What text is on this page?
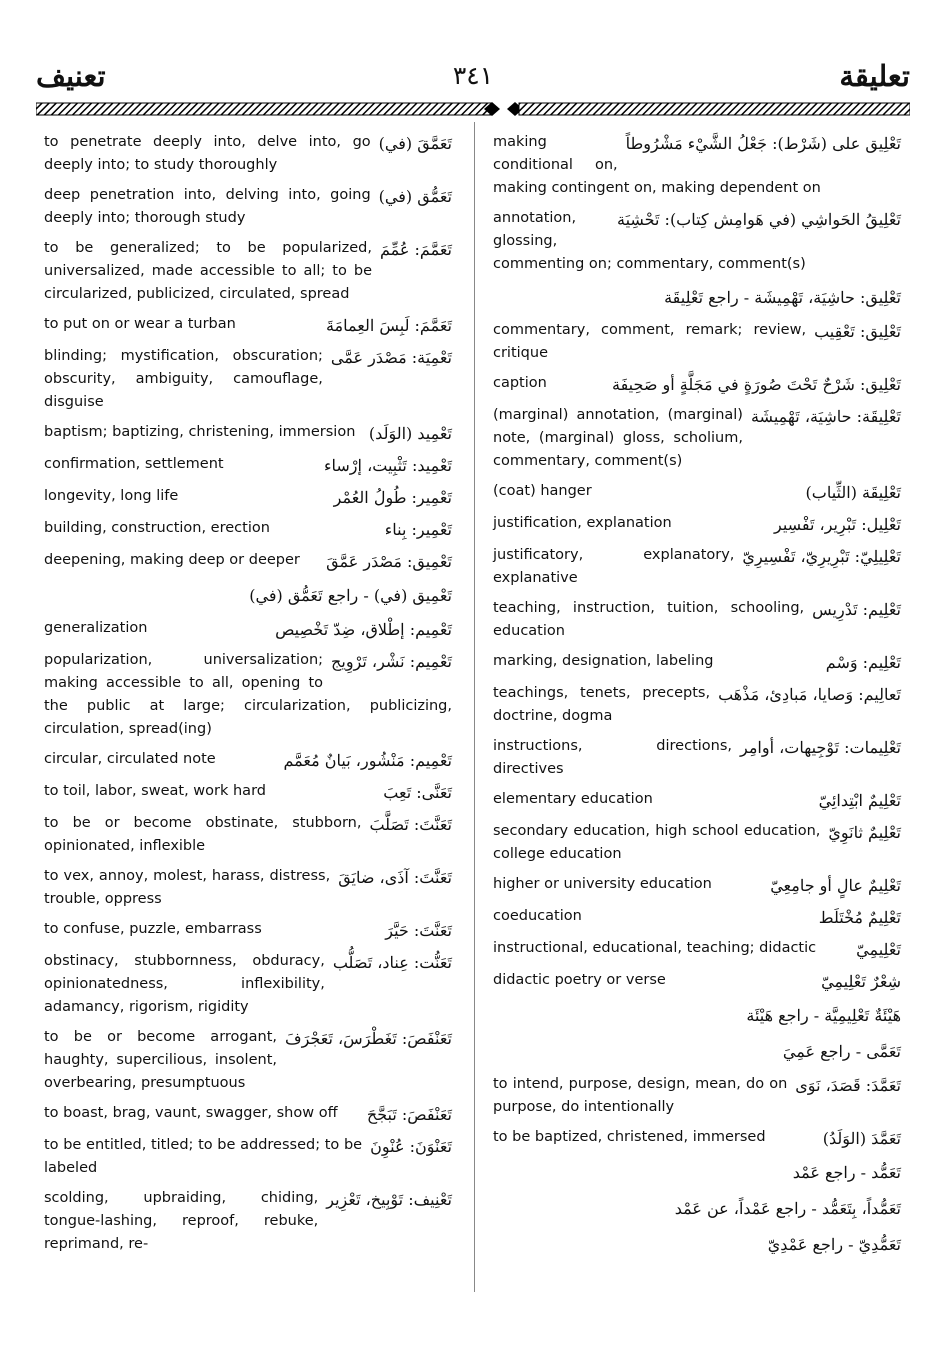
تعنيف	٣٤١	تعليقة
تَعَمَّقَ (في)
to penetrate deeply into, delve into, go deeply into; to study thoroughly
تَعَمُّق (في)
deep penetration into, delving into, going deeply into; thorough study
تَعَمَّمَ: عُمِّمَ
to be generalized; to be popularized, universalized, made accessible to all; to be circularized, publicized, circulated, spread
تَعَمَّمَ: لَبِسَ العِمامَةَ
to put on or wear a turban
تَعْمِيَة: مَصْدَر عَمَّى
blinding; mystification, obscuration; obscurity, ambiguity, camouflage, disguise
تَعْمِيد (الوَلَد)
baptism; baptizing, christening, immersion
تَعْمِيد: تَثْبِيت، إرْساء
confirmation, settlement
تَعْمِير: طُولُ العُمْر
longevity, long life
تَعْمِير: بِناء
building, construction, erection
تَعْمِيق: مَصْدَر عَمَّقَ
deepening, making deep or deeper
تَعْمِيق (في) - راجع تَعَمُّق (في)
تَعْمِيم: إطْلاق، ضِدّ تَخْصِيص
generalization
تَعْمِيم: نَشْر، تَرْوِيج
popularization, universalization; making accessible to all, opening to the public at large; circularization, publicizing, circulation, spread(ing)
تَعْمِيم: مَنْشُور، بَيانٌ مُعَمَّم
circular, circulated note
تَعَنَّى: تَعِبَ
to toil, labor, sweat, work hard
تَعَنَّتَ: تَصَلَّبَ
to be or become obstinate, stubborn, opinionated, inflexible
تَعَنَّتَ: آذَى، ضايَقَ
to vex, annoy, molest, harass, distress, trouble, oppress
تَعَنَّتَ: حَيَّرَ
to confuse, puzzle, embarrass
تَعَنُّت: عِناد، تَصَلُّب
obstinacy, stubbornness, obduracy, opinionatedness, inflexibility, adamancy, rigorism, rigidity
تَعَنْفَصَ: تَغَطْرَسَ، تَعَجْرَفَ
to be or become arrogant, haughty, supercilious, insolent, overbearing, presumptuous
تَعَنْفَصَ: تَبَجَّحَ
to boast, brag, vaunt, swagger, show off
تَعَنْوَنَ: عُنْوِنَ
to be entitled, titled; to be addressed; to be labeled
تَعْنِيف: تَوْبِيخ، تَعْزِير
scolding, upbraiding, chiding, tongue-lashing, reproof, rebuke, reprimand, re-
تَعْلِيق على (شَرْط): جَعْلُ الشَّيْء مَشْرُوطاً
making conditional on, making contingent on, making dependent on
تَعْلِيقُ الحَواشِي (في هَوامِش كِتاب): تَحْشِيَة
annotation, glossing, commenting on; commentary, comment(s)
تَعْلِيق: حاشِيَة، تَهْمِيشَة - راجع تَعْلِيقَة
تَعْلِيق: تَعْقِيب
commentary, comment, remark; review, critique
تَعْلِيق: شَرْحٌ تَحْتَ صُورَةٍ في مَجَلَّةٍ أو صَحِيفَة
caption
تَعْلِيقَة: حاشِيَة، تَهْمِيشَة
(marginal) annotation, (marginal) note, (marginal) gloss, scholium, commentary, comment(s)
تَعْلِيقَة (الثِّياب)
(coat) hanger
تَعْلِيل: تَبْرِير، تَفْسِير
justification, explanation
تَعْلِيلِيّ: تَبْرِيرِيّ، تَفْسِيرِيّ
justificatory, explanatory, explanative
تَعْلِيم: تَدْرِيس
teaching, instruction, tuition, schooling, education
تَعْلِيم: وَسْم
marking, designation, labeling
تَعالِيم: وَصايا، مَبادِئ، مَذْهَب
teachings, tenets, precepts, doctrine, dogma
تَعْلِيمات: تَوْجِيهات، أوامِر
instructions, directions, directives
تَعْلِيمٌ ابْتِدائِيّ
elementary education
تَعْلِيمٌ ثانَوِيّ
secondary education, high school education, college education
تَعْلِيمٌ عالٍ أو جامِعِيّ
higher or university education
تَعْلِيمٌ مُخْتَلَط
coeducation
تَعْلِيمِيّ
instructional, educational, teaching; didactic
شِعْرٌ تَعْلِيمِيّ
didactic poetry or verse
هَيْئَةٌ تَعْلِيمِيَّة - راجع هَيْئَة
تَعَمَّى - راجع عَمِيَ
تَعَمَّدَ: قَصَدَ، نَوَى
to intend, purpose, design, mean, do on purpose, do intentionally
تَعَمَّدَ (الوَلَدُ)
to be baptized, christened, immersed
تَعَمُّد - راجع عَمْد
تَعَمُّداً، بِتَعَمُّد - راجع عَمْداً، عن عَمْد
تَعَمُّدِيّ - راجع عَمْدِيّ
